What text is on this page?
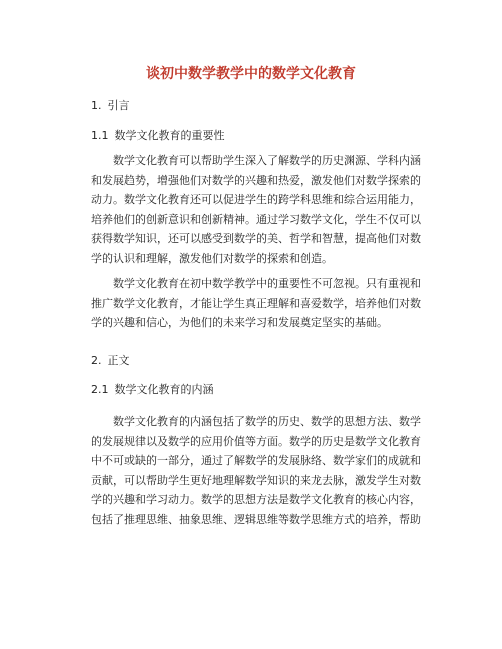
谈初中数学教学中的数学文化教育
1. 引言
1.1 数学文化教育的重要性
数学文化教育可以帮助学生深入了解数学的历史渊源、学科内涵
和发展趋势，增强他们对数学的兴趣和热爱，激发他们对数学探索的
动力。数学文化教育还可以促进学生的跨学科思维和综合运用能力，
培养他们的创新意识和创新精神。通过学习数学文化，学生不仅可以
获得数学知识，还可以感受到数学的美、哲学和智慧，提高他们对数
学的认识和理解，激发他们对数学的探索和创造。
数学文化教育在初中数学教学中的重要性不可忽视。只有重视和
推广数学文化教育，才能让学生真正理解和喜爱数学，培养他们对数
学的兴趣和信心，为他们的未来学习和发展奠定坚实的基础。
2. 正文
2.1 数学文化教育的内涵
数学文化教育的内涵包括了数学的历史、数学的思想方法、数学
的发展规律以及数学的应用价值等方面。数学的历史是数学文化教育
中不可或缺的一部分，通过了解数学的发展脉络、数学家们的成就和
贡献，可以帮助学生更好地理解数学知识的来龙去脉，激发学生对数
学的兴趣和学习动力。数学的思想方法是数学文化教育的核心内容，
包括了推理思维、抽象思维、逻辑思维等数学思维方式的培养，帮助
